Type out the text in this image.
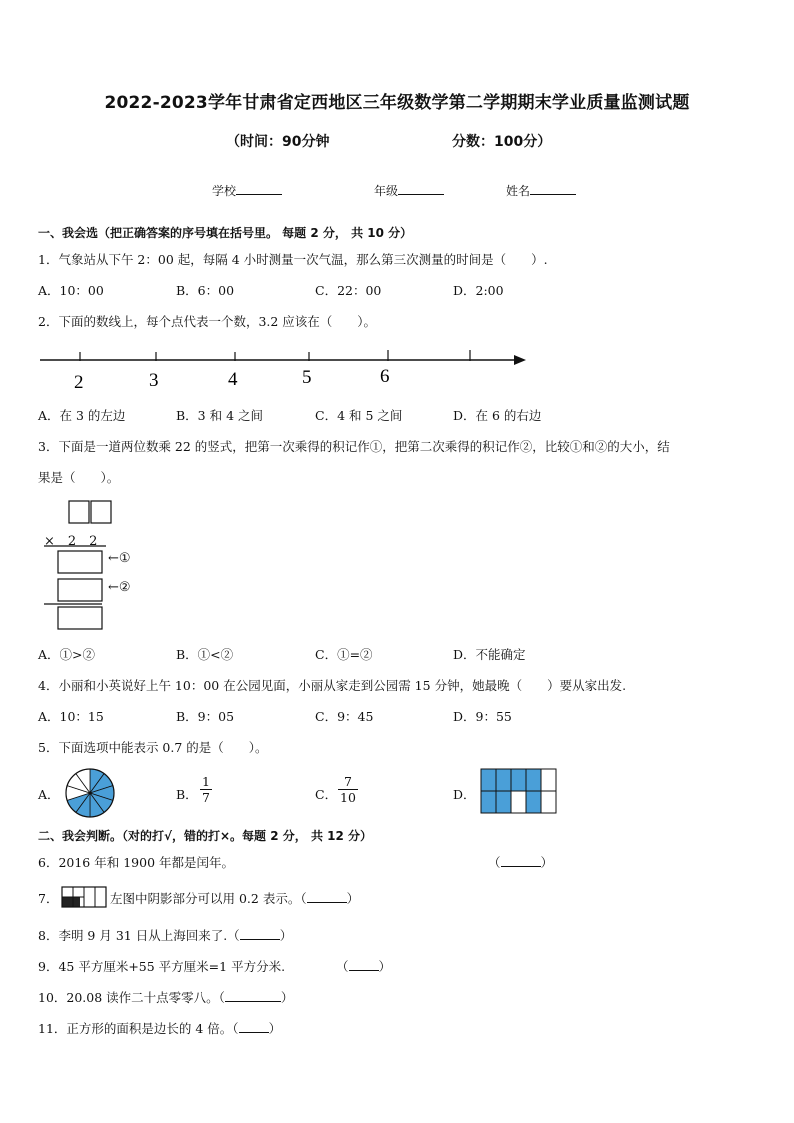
2022-2023学年甘肃省定西地区三年级数学第二学期期末学业质量监测试题
（时间：90分钟	分数：100分）
学校	年级	姓名
一、我会选（把正确答案的序号填在括号里。 每题 2 分， 共 10 分）
1．气象站从下午 2：00 起，每隔 4 小时测量一次气温，那么第三次测量的时间是（　　）.
A．10：00	B．6：00	C．22：00	D．2:00
2．下面的数线上，每个点代表一个数，3.2 应该在（　　）。
2	3	4	5	6
A．在 3 的左边	B．3 和 4 之间	C．4 和 5 之间	D．在 6 的右边
3．下面是一道两位数乘 22 的竖式，把第一次乘得的积记作①，把第二次乘得的积记作②，比较①和②的大小，结
果是（　　）。
×　2　2
←①
←②
A．①>②	B．①<②	C．①=②	D．不能确定
4．小丽和小英说好上午 10：00 在公园见面，小丽从家走到公园需 15 分钟，她最晚（　　）要从家出发.
A．10：15	B．9：05	C．9：45	D．9：55
5．下面选项中能表示 0.7 的是（　　）。
A．	B． $\frac{1}{7}$	C． $\frac{7}{10}$	D．
二、我会判断。（对的打√，错的打×。每题 2 分， 共 12 分）
6．2016 年和 1900 年都是闰年。	（	）
7．	左图中阴影部分可以用 0.2 表示。（	）
8．李明 9 月 31 日从上海回来了.（	）
9．45 平方厘米+55 平方厘米=1 平方分米.	（ ）
10．20.08 读作二十点零零八。（	）
11．正方形的面积是边长的 4 倍。（ ）
